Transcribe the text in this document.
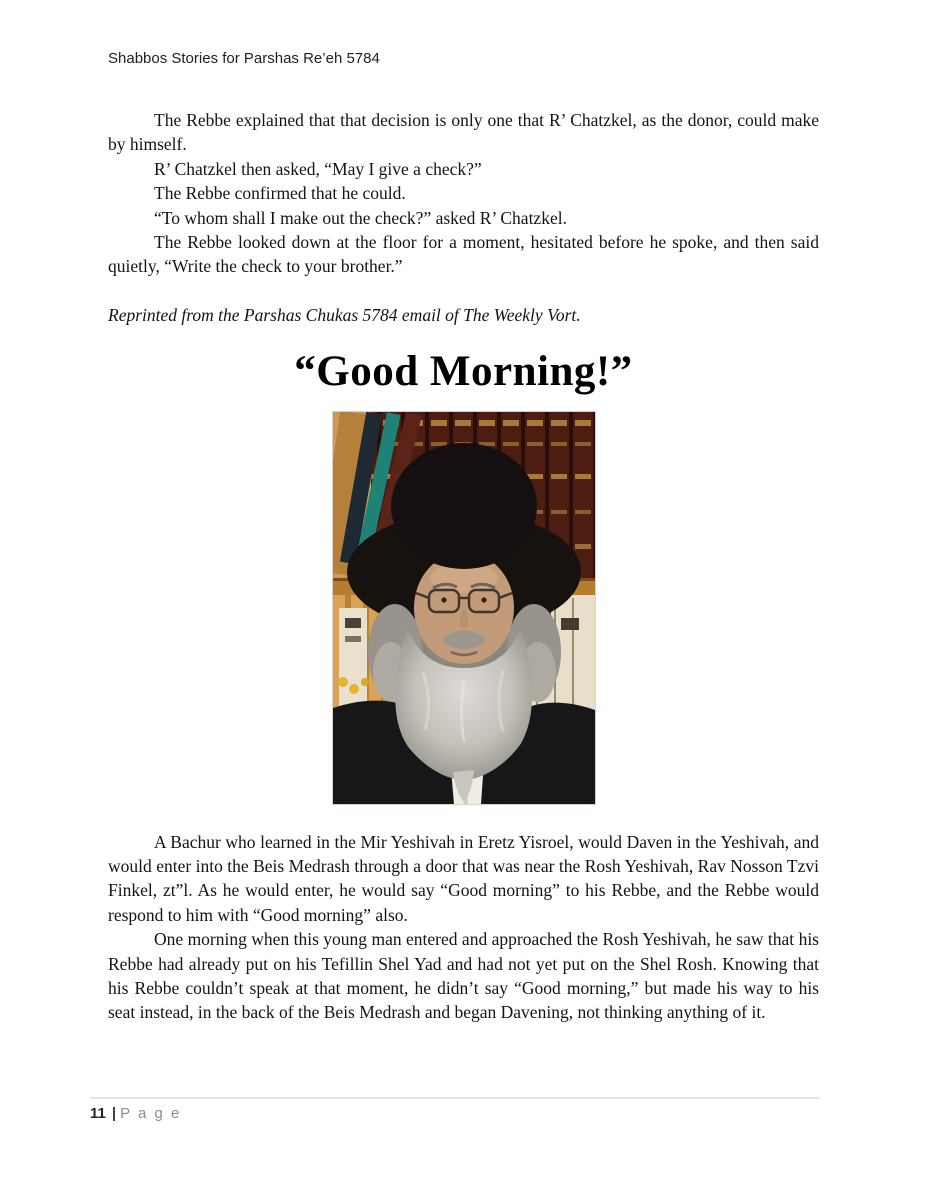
Shabbos Stories for Parshas Re’eh 5784

The Rebbe explained that that decision is only one that R’ Chatzkel, as the donor, could make by himself.

R’ Chatzkel then asked, “May I give a check?”

The Rebbe confirmed that he could.

“To whom shall I make out the check?” asked R’ Chatzkel.

The Rebbe looked down at the floor for a moment, hesitated before he spoke, and then said quietly, “Write the check to your brother.”

Reprinted from the Parshas Chukas 5784 email of The Weekly Vort.

“Good Morning!”

A Bachur who learned in the Mir Yeshivah in Eretz Yisroel, would Daven in the Yeshivah, and would enter into the Beis Medrash through a door that was near the Rosh Yeshivah, Rav Nosson Tzvi Finkel, zt”l. As he would enter, he would say “Good morning” to his Rebbe, and the Rebbe would respond to him with “Good morning” also.

One morning when this young man entered and approached the Rosh Yeshivah, he saw that his Rebbe had already put on his Tefillin Shel Yad and had not yet put on the Shel Rosh. Knowing that his Rebbe couldn’t speak at that moment, he didn’t say “Good morning,” but made his way to his seat instead, in the back of the Beis Medrash and began Davening, not thinking anything of it.

11 | P a g e
